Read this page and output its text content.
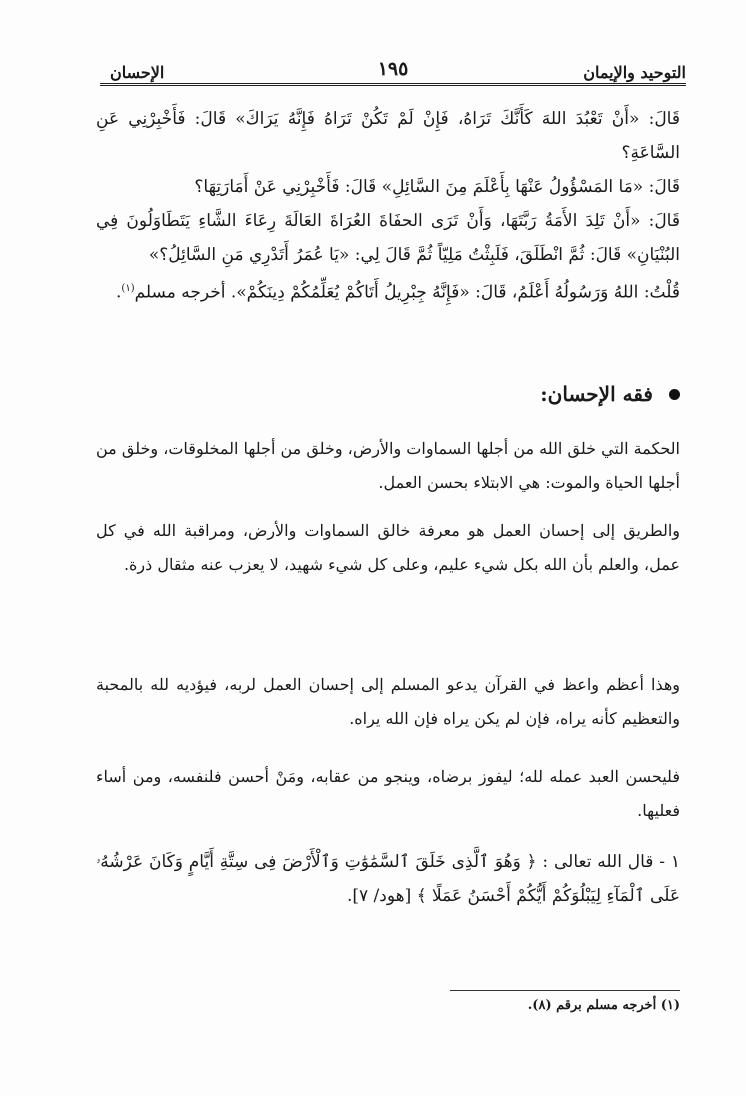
التوحيد والإيمان
١٩٥
الإحسان
قَالَ: «أَنْ تَعْبُدَ اللهَ كَأَنَّكَ تَرَاهُ، فَإِنْ لَمْ تَكُنْ تَرَاهُ فَإِنَّهُ يَرَاكَ» قَالَ: فَأَخْبِرْنِي عَنِ السَّاعَةِ؟
قَالَ: «مَا المَسْؤُولُ عَنْهَا بِأَعْلَمَ مِنَ السَّائِلِ» قَالَ: فَأَخْبِرْنِي عَنْ أَمَارَتِهَا؟
قَالَ: «أَنْ تَلِدَ الأَمَةُ رَبَّتَهَا، وَأَنْ تَرَى الحفَاةَ العُرَاةَ العَالَةَ رِعَاءَ الشَّاءِ يَتَطَاوَلُونَ فِي البُنْيَانِ» قَالَ: ثُمَّ انْطَلَقَ، فَلَبِثْتُ مَلِيّاً ثُمَّ قَالَ لِي: «يَا عُمَرُ أَتَدْرِي مَنِ السَّائِلُ؟»
قُلْتُ: اللهُ وَرَسُولُهُ أَعْلَمُ، قَالَ: «فَإِنَّهُ جِبْرِيلُ أَتَاكُمْ يُعَلِّمُكُمْ دِينَكُمْ». أخرجه مسلم$^{(١)}$.
فقه الإحسان:

الحكمة التي خلق الله من أجلها السماوات والأرض، وخلق من أجلها المخلوقات، وخلق من أجلها الحياة والموت: هي الابتلاء بحسن العمل.

والطريق إلى إحسان العمل هو معرفة خالق السماوات والأرض، ومراقبة الله في كل عمل، والعلم بأن الله بكل شيء عليم، وعلى كل شيء شهيد، لا يعزب عنه مثقال ذرة.

وهذا أعظم واعظ في القرآن يدعو المسلم إلى إحسان العمل لربه، فيؤديه لله بالمحبة والتعظيم كأنه يراه، فإن لم يكن يراه فإن الله يراه.

فليحسن العبد عمله لله؛ ليفوز برضاه، وينجو من عقابه، ومَنْ أحسن فلنفسه، ومن أساء فعليها.

١ - قال الله تعالى : ﴿ وَهُوَ ٱلَّذِى خَلَقَ ٱلسَّمَٰوَٰتِ وَٱلْأَرْضَ فِى سِتَّةِ أَيَّامٍ وَكَانَ عَرْشُهُۥ عَلَى ٱلْمَآءِ لِيَبْلُوَكُمْ أَيُّكُمْ أَحْسَنُ عَمَلًا ﴾ [هود/ ٧].
(١) أخرجه مسلم برقم (٨).
